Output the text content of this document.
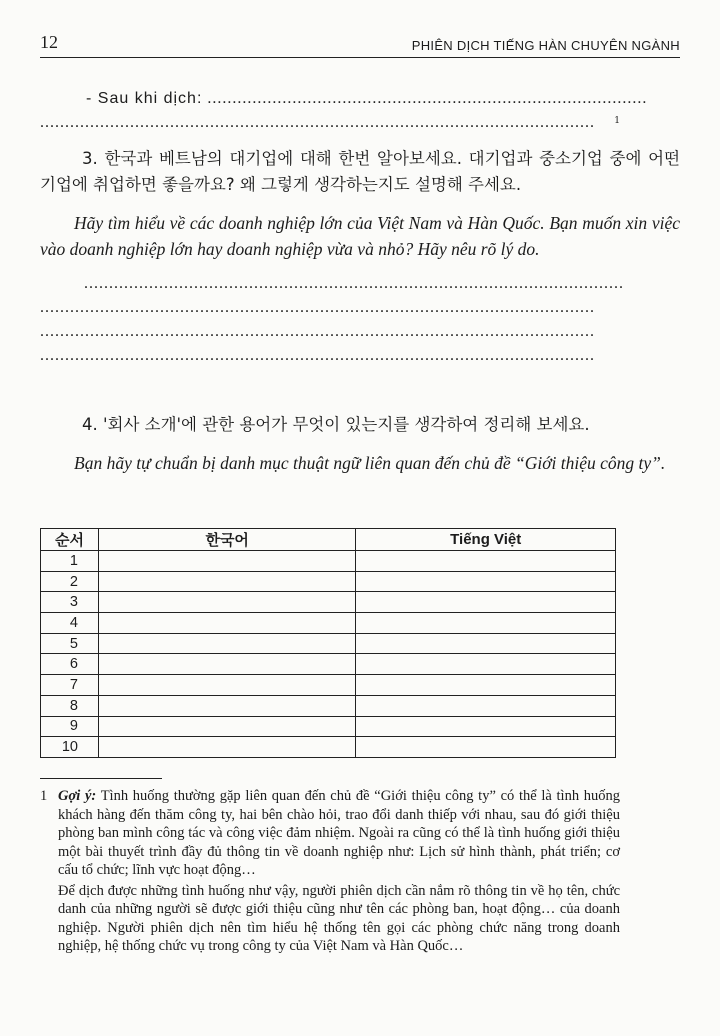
12	PHIÊN DỊCH TIẾNG HÀN CHUYÊN NGÀNH
- Sau khi dịch: ........................................................................................
...............................................................................................................	1

3. 한국과 베트남의 대기업에 대해 한번 알아보세요. 대기업과 중소기업 중에 어떤 기업에 취업하면 좋을까요? 왜 그렇게 생각하는지도 설명해 주세요.

Hãy tìm hiểu về các doanh nghiệp lớn của Việt Nam và Hàn Quốc. Bạn muốn xin việc vào doanh nghiệp lớn hay doanh nghiệp vừa và nhỏ? Hãy nêu rõ lý do.

............................................................................................................
...............................................................................................................
...............................................................................................................
...............................................................................................................

4. '회사 소개'에 관한 용어가 무엇이 있는지를 생각하여 정리해 보세요.

Bạn hãy tự chuẩn bị danh mục thuật ngữ liên quan đến chủ đề “Giới thiệu công ty”.

순서	한국어	Tiếng Việt
1		
2		
3		
4		
5		
6		
7		
8		
9		
10		

1 Gợi ý: Tình huống thường gặp liên quan đến chủ đề “Giới thiệu công ty” có thể là tình huống khách hàng đến thăm công ty, hai bên chào hỏi, trao đổi danh thiếp với nhau, sau đó giới thiệu phòng ban mình công tác và công việc đảm nhiệm. Ngoài ra cũng có thể là tình huống giới thiệu một bài thuyết trình đầy đủ thông tin về doanh nghiệp như: Lịch sử hình thành, phát triển; cơ cấu tổ chức; lĩnh vực hoạt động…

Để dịch được những tình huống như vậy, người phiên dịch cần nắm rõ thông tin về họ tên, chức danh của những người sẽ được giới thiệu cũng như tên các phòng ban, hoạt động… của doanh nghiệp. Người phiên dịch nên tìm hiểu hệ thống tên gọi các phòng chức năng trong doanh nghiệp, hệ thống chức vụ trong công ty của Việt Nam và Hàn Quốc…
